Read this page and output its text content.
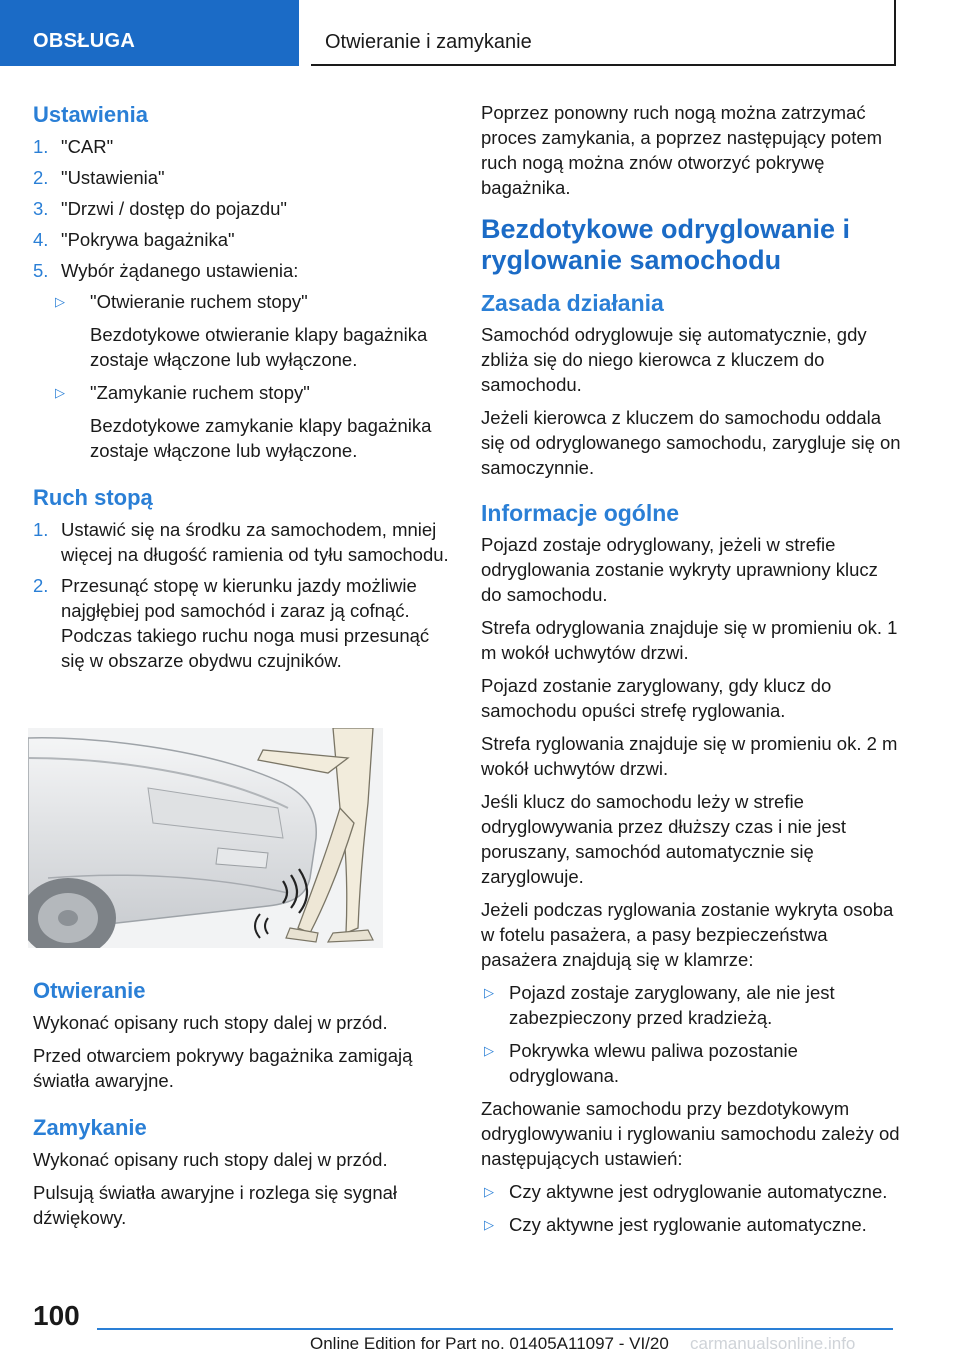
OBSŁUGA	Otwieranie i zamykanie
Ustawienia
1. "CAR"
2. "Ustawienia"
3. "Drzwi / dostęp do pojazdu"
4. "Pokrywa bagażnika"
5. Wybór żądanego ustawienia:
▷ "Otwieranie ruchem stopy"
Bezdotykowe otwieranie klapy bagażnika zostaje włączone lub wyłączone.
▷ "Zamykanie ruchem stopy"
Bezdotykowe zamykanie klapy bagażnika zostaje włączone lub wyłączone.
Ruch stopą
1. Ustawić się na środku za samochodem, mniej więcej na długość ramienia od tyłu samochodu.
2. Przesunąć stopę w kierunku jazdy możliwie najgłębiej pod samochód i zaraz ją cofnąć. Podczas takiego ruchu noga musi przesunąć się w obszarze obydwu czujników.
Otwieranie

Wykonać opisany ruch stopy dalej w przód.

Przed otwarciem pokrywy bagażnika zamigają światła awaryjne.

Zamykanie

Wykonać opisany ruch stopy dalej w przód.

Pulsują światła awaryjne i rozlega się sygnał dźwiękowy.

Poprzez ponowny ruch nogą można zatrzymać proces zamykania, a poprzez następujący potem ruch nogą można znów otworzyć pokrywę bagażnika.

Bezdotykowe odryglowanie i ryglowanie samochodu
Zasada działania

Samochód odryglowuje się automatycznie, gdy zbliża się do niego kierowca z kluczem do samochodu.

Jeżeli kierowca z kluczem do samochodu oddala się od odryglowanego samochodu, zarygluje się on samoczynnie.

Informacje ogólne

Pojazd zostaje odryglowany, jeżeli w strefie odryglowania zostanie wykryty uprawniony klucz do samochodu.

Strefa odryglowania znajduje się w promieniu ok. 1 m wokół uchwytów drzwi.

Pojazd zostanie zaryglowany, gdy klucz do samochodu opuści strefę ryglowania.

Strefa ryglowania znajduje się w promieniu ok. 2 m wokół uchwytów drzwi.

Jeśli klucz do samochodu leży w strefie odryglowywania przez dłuższy czas i nie jest poruszany, samochód automatycznie się zaryglowuje.

Jeżeli podczas ryglowania zostanie wykryta osoba w fotelu pasażera, a pasy bezpieczeństwa pasażera znajdują się w klamrze:

▷ Pojazd zostaje zaryglowany, ale nie jest zabezpieczony przed kradzieżą.
▷ Pokrywka wlewu paliwa pozostanie odryglowana.

Zachowanie samochodu przy bezdotykowym odryglowywaniu i ryglowaniu samochodu zależy od następujących ustawień:

▷ Czy aktywne jest odryglowanie automatyczne.
▷ Czy aktywne jest ryglowanie automatyczne.
100
Online Edition for Part no. 01405A11097 - VI/20 carmanualsonline.info
